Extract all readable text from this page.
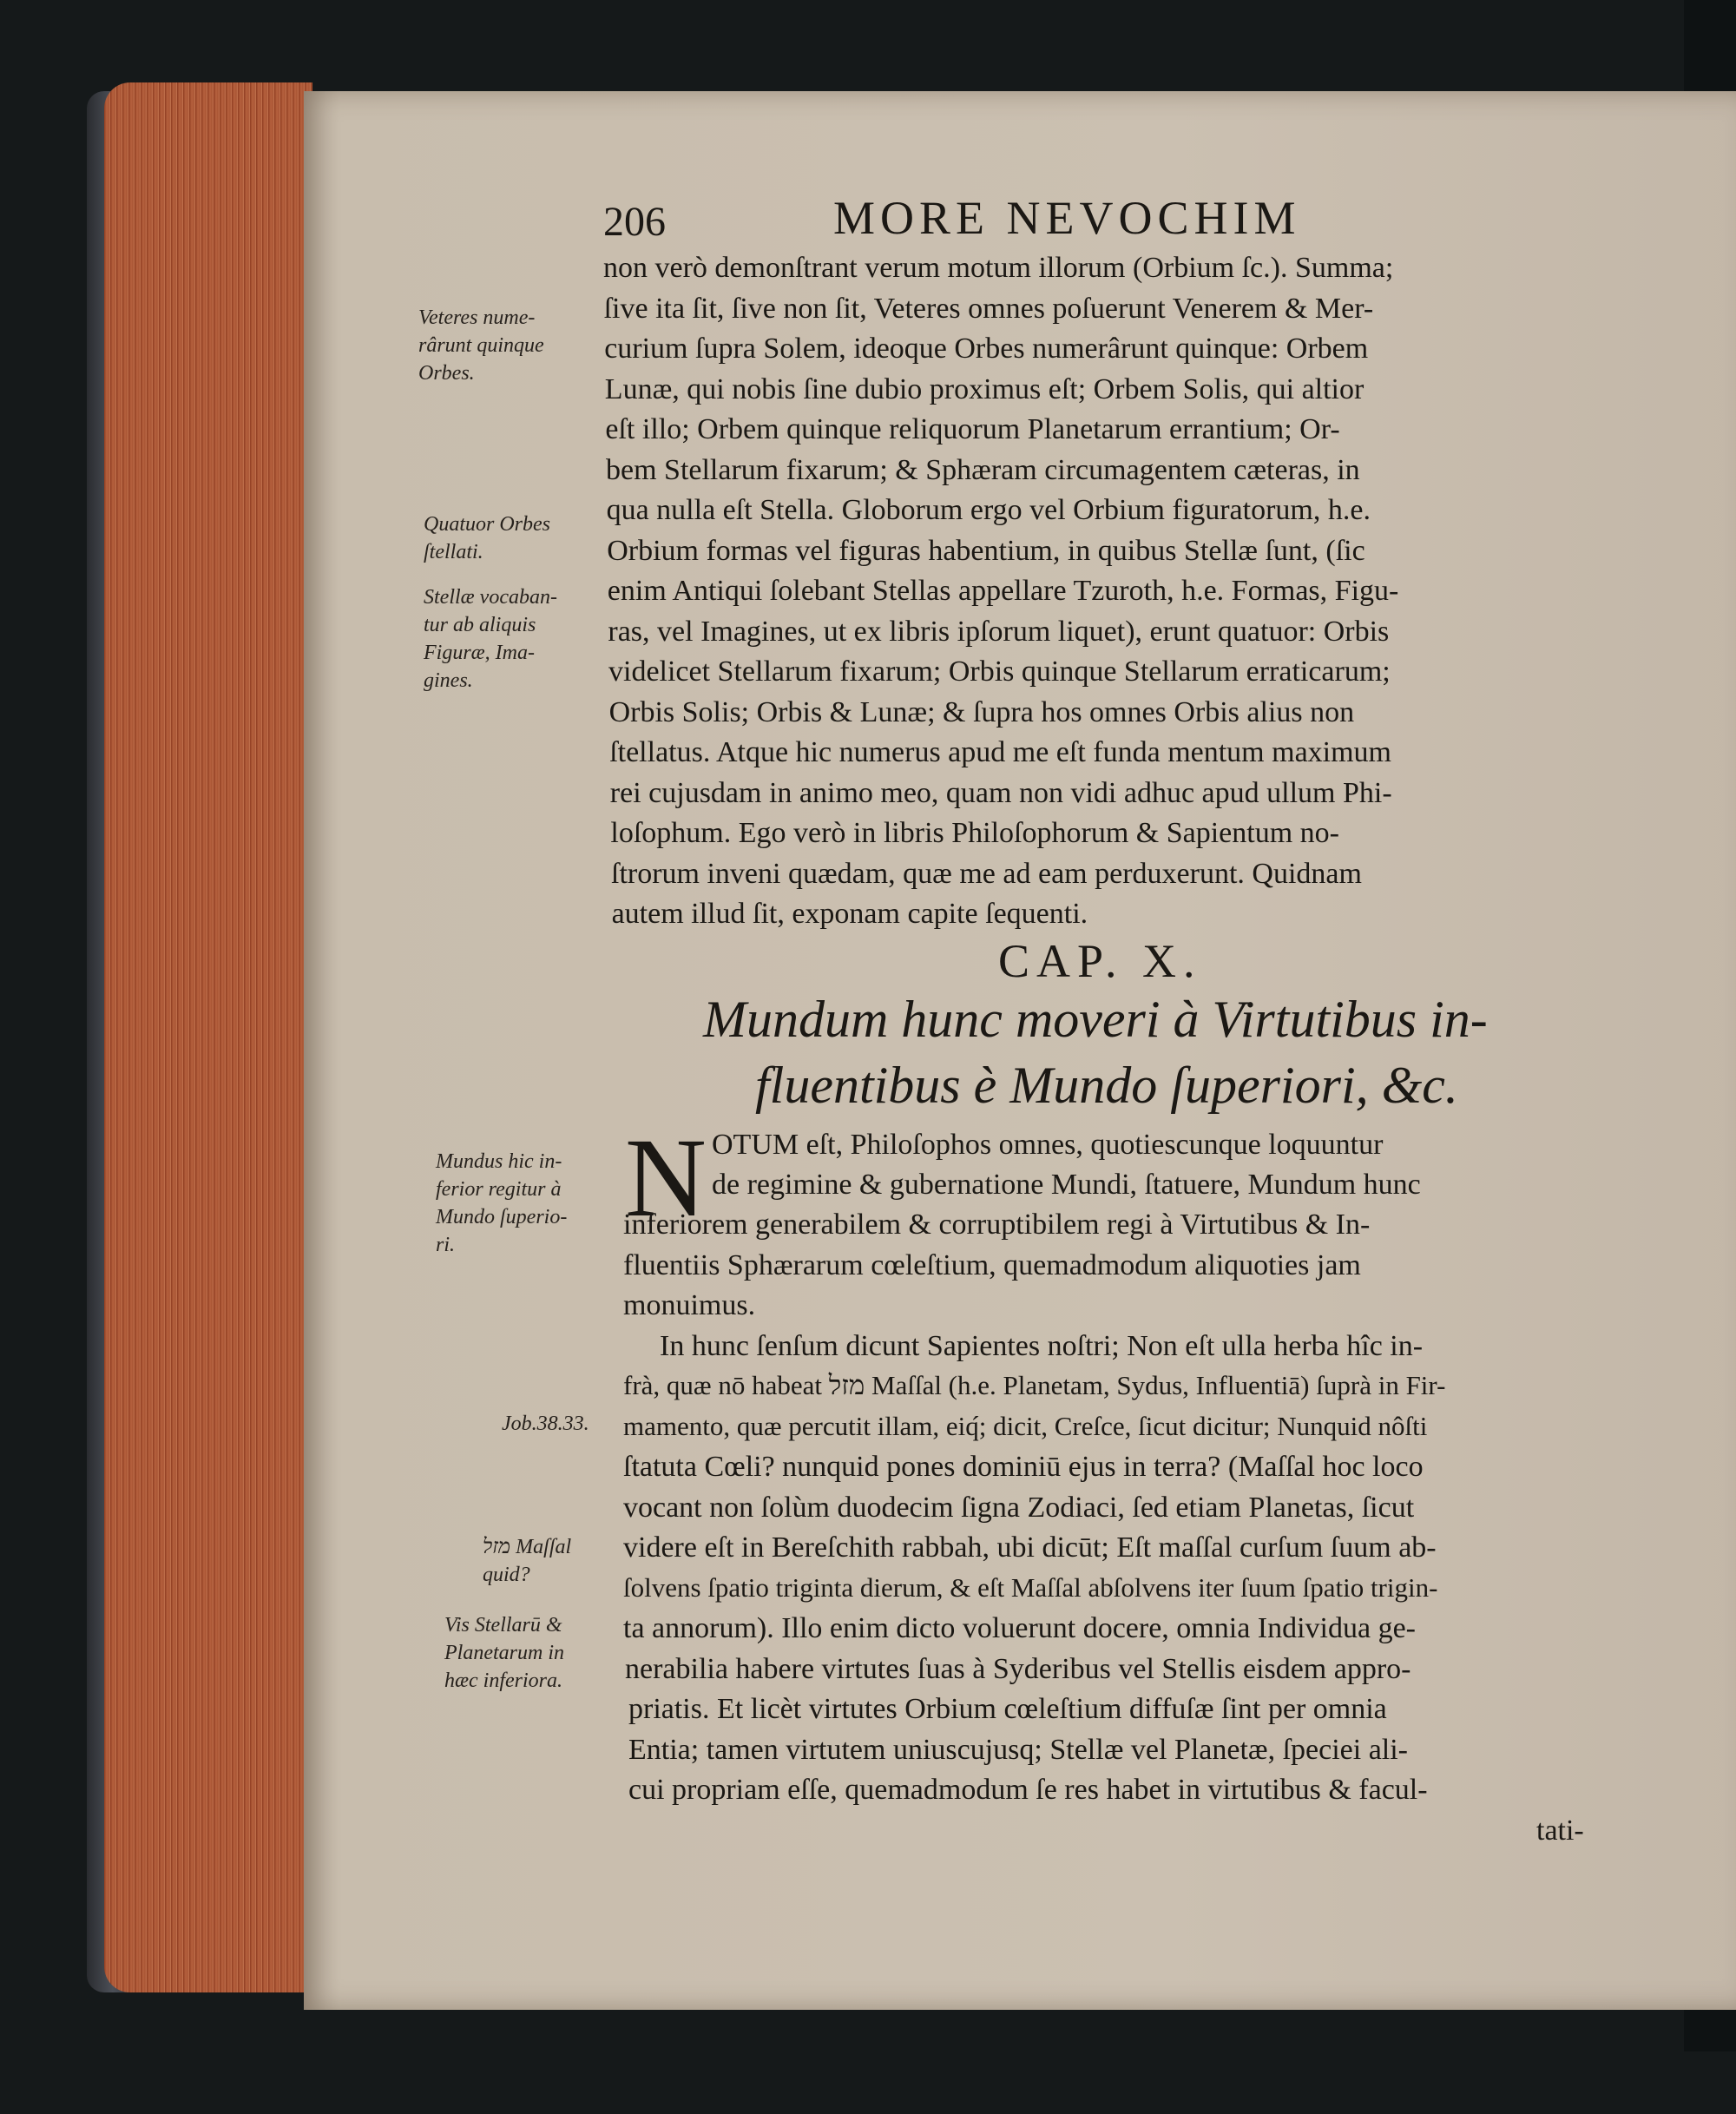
206	MORE NEVOCHIM
non verò demonſtrant verum motum illorum (Orbium ſc.). Summa;
ſive ita ſit, ſive non ſit, Veteres omnes poſuerunt Venerem & Mer-
curium ſupra Solem, ideoque Orbes numerârunt quinque: Orbem
Lunæ, qui nobis ſine dubio proximus eſt; Orbem Solis, qui altior
eſt illo; Orbem quinque reliquorum Planetarum errantium; Or-
bem Stellarum fixarum; & Sphæram circumagentem cæteras, in
qua nulla eſt Stella. Globorum ergo vel Orbium figuratorum, h.e.
Orbium formas vel figuras habentium, in quibus Stellæ ſunt, (ſic
enim Antiqui ſolebant Stellas appellare Tzuroth, h.e. Formas, Figu-
ras, vel Imagines, ut ex libris ipſorum liquet), erunt quatuor: Orbis
videlicet Stellarum fixarum; Orbis quinque Stellarum erraticarum;
Orbis Solis; Orbis & Lunæ; & ſupra hos omnes Orbis alius non
ſtellatus. Atque hic numerus apud me eſt funda mentum maximum
rei cujusdam in animo meo, quam non vidi adhuc apud ullum Phi-
loſophum. Ego verò in libris Philoſophorum & Sapientum no-
ſtrorum inveni quædam, quæ me ad eam perduxerunt. Quidnam
autem illud ſit, exponam capite ſequenti.
CAP. X.
Mundum hunc moveri à Virtutibus in-
fluentibus è Mundo ſuperiori, &c.
N OTUM eſt, Philoſophos omnes, quotiescunque loquuntur
de regimine & gubernatione Mundi, ſtatuere, Mundum hunc
inferiorem generabilem & corruptibilem regi à Virtutibus & In-
fluentiis Sphærarum cœleſtium, quemadmodum aliquoties jam
monuimus.
In hunc ſenſum dicunt Sapientes noſtri; Non eſt ulla herba hîc in-
frà, quæ nō habeat מזל Maſſal (h.e. Planetam, Sydus, Influentiā) ſuprà in Fir-
mamento, quæ percutit illam, eiq́; dicit, Creſce, ſicut dicitur; Nunquid nôſti
ſtatuta Cœli? nunquid pones dominiū ejus in terra? (Maſſal hoc loco
vocant non ſolùm duodecim ſigna Zodiaci, ſed etiam Planetas, ſicut
videre eſt in Bereſchith rabbah, ubi dicūt; Eſt maſſal curſum ſuum ab-
ſolvens ſpatio triginta dierum, & eſt Maſſal abſolvens iter ſuum ſpatio trigin-
ta annorum). Illo enim dicto voluerunt docere, omnia Individua ge-
nerabilia habere virtutes ſuas à Syderibus vel Stellis eisdem appro-
priatis. Et licèt virtutes Orbium cœleſtium diffuſæ ſint per omnia
Entia; tamen virtutem uniuscujusq; Stellæ vel Planetæ, ſpeciei ali-
cui propriam eſſe, quemadmodum ſe res habet in virtutibus & facul-
tati-
Veteres nume-
rârunt quinque
Orbes.
Quatuor Orbes
ſtellati.
Stellæ vocaban-
tur ab aliquis
Figuræ, Ima-
gines.
Mundus hic in-
ferior regitur à
Mundo ſuperio-
ri.
Job.38.33.
מזל Maſſal
quid?
Vis Stellarū &
Planetarum in
hæc inferiora.
